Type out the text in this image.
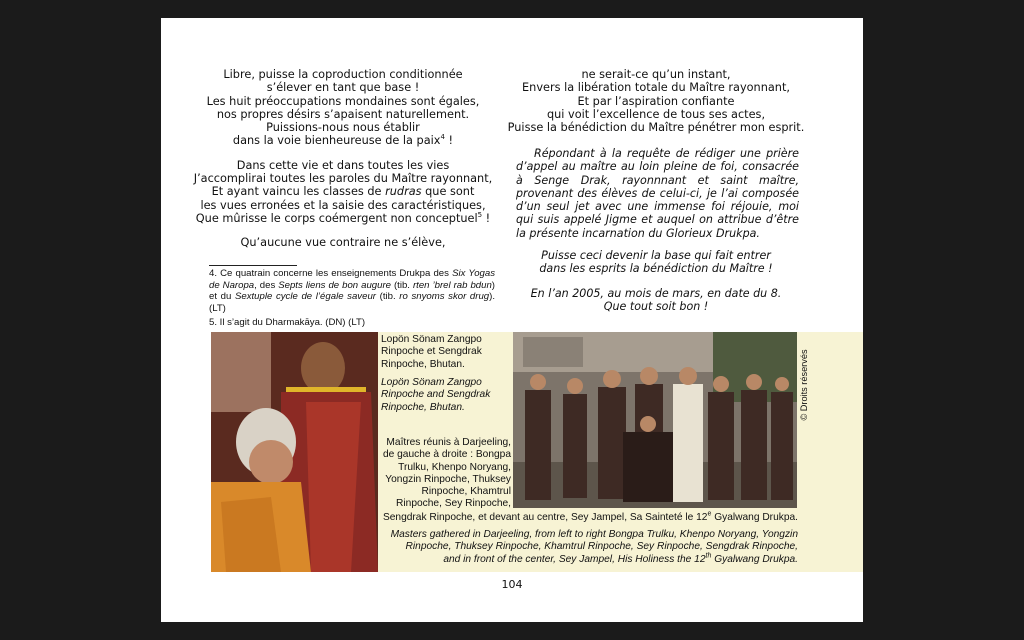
Libre, puisse la coproduction conditionnée
s’élever en tant que base !
Les huit préoccupations mondaines sont égales,
nos propres désirs s’apaisent naturellement.
Puissions-nous nous établir
dans la voie bienheureuse de la paix$^4$ !
Dans cette vie et dans toutes les vies
J’accomplirai toutes les paroles du Maître rayonnant,
Et ayant vaincu les classes de rudras que sont
les vues erronées et la saisie des caractéristiques,
Que mûrisse le corps coémergent non conceptuel$^5$ !
Qu’aucune vue contraire ne s’élève,
4. Ce quatrain concerne les enseignements Drukpa des Six Yogas de Naropa, des Septs liens de bon augure (tib. rten ’brel rab bdun) et du Sextuple cycle de l’égale saveur (tib. ro snyoms skor drug). (LT)
5. Il s’agit du Dharmakāya. (DN) (LT)
ne serait-ce qu’un instant,
Envers la libération totale du Maître rayonnant,
Et par l’aspiration confiante
qui voit l’excellence de tous ses actes,
Puisse la bénédiction du Maître pénétrer mon esprit.
Répondant à la requête de rédiger une prière d’appel au maître au loin pleine de foi, consacrée à Senge Drak, rayonnnant et saint maître, provenant des élèves de celui-ci, je l’ai composée d’un seul jet avec une immense foi réjouie, moi qui suis appelé Jigme et auquel on attribue d’être la présente incarnation du Glorieux Drukpa.
Puisse ceci devenir la base qui fait entrer
dans les esprits la bénédiction du Maître !
En l’an 2005, au mois de mars, en date du 8.
Que tout soit bon !
Lopön Sönam Zangpo
Rinpoche et Sengdrak
Rinpoche, Bhutan.
Lopön Sönam Zangpo
Rinpoche and Sengdrak
Rinpoche, Bhutan.	© Droits réservés
Maîtres réunis à Darjeeling,
de gauche à droite : Bongpa
Trulku, Khenpo Noryang,
Yongzin Rinpoche, Thuksey
Rinpoche, Khamtrul
Rinpoche, Sey Rinpoche,
Sengdrak Rinpoche, et devant au centre, Sey Jampel, Sa Sainteté le 12e Gyalwang Drukpa.
Masters gathered in Darjeeling, from left to right Bongpa Trulku, Khenpo Noryang, Yongzin
Rinpoche, Thuksey Rinpoche, Khamtrul Rinpoche, Sey Rinpoche, Sengdrak Rinpoche,
and in front of the center, Sey Jampel, His Holiness the 12th Gyalwang Drukpa.
104
